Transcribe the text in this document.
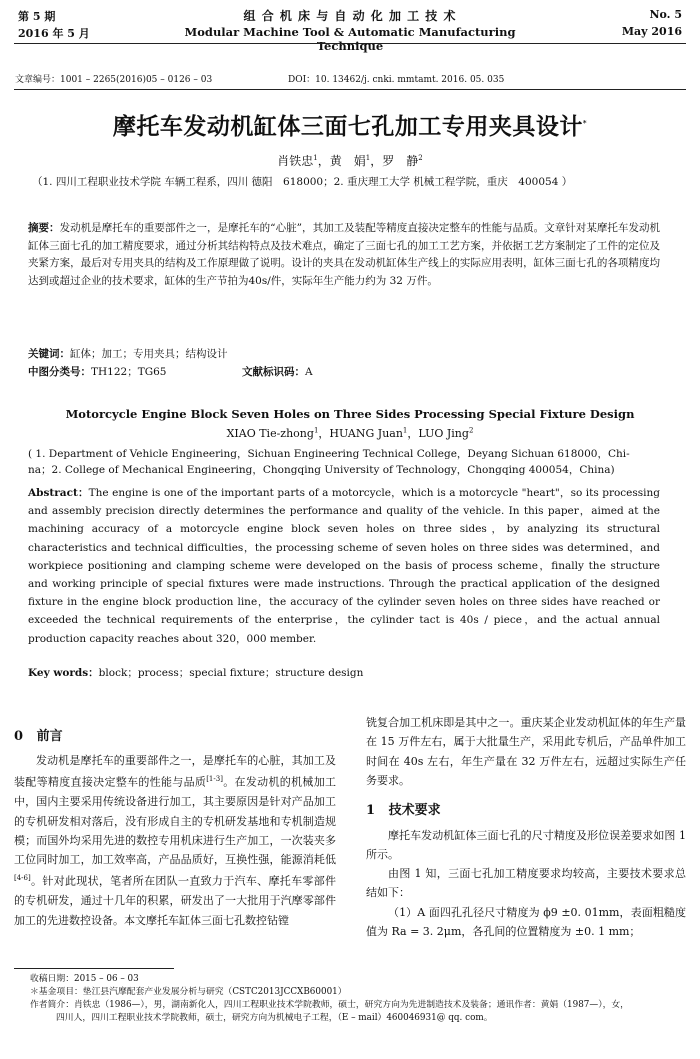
第 5 期
2016 年 5 月
组 合 机 床 与 自 动 化 加 工 技 术
Modular Machine Tool & Automatic Manufacturing Technique
No. 5
May 2016
文章编号：1001 – 2265(2016)05 – 0126 – 03	DOI：10. 13462/j. cnki. mmtamt. 2016. 05. 035
摩托车发动机缸体三面七孔加工专用夹具设计*
肖铁忠$^1$，黄　娟$^1$，罗　静$^2$
（1. 四川工程职业技术学院 车辆工程系，四川 德阳　618000；2. 重庆理工大学 机械工程学院，重庆　400054 ）
摘要：发动机是摩托车的重要部件之一，是摩托车的“心脏”，其加工及装配等精度直接决定整车的性能与品质。文章针对某摩托车发动机缸体三面七孔的加工精度要求，通过分析其结构特点及技术难点，确定了三面七孔的加工工艺方案，并依据工艺方案制定了工件的定位及夹紧方案，最后对专用夹具的结构及工作原理做了说明。设计的夹具在发动机缸体生产线上的实际应用表明，缸体三面七孔的各项精度均达到或超过企业的技术要求，缸体的生产节拍为40s/件，实际年生产能力约为 32 万件。
关键词：缸体；加工；专用夹具；结构设计
中图分类号：TH122；TG65	文献标识码：A
Motorcycle Engine Block Seven Holes on Three Sides Processing Special Fixture Design
XIAO Tie-zhong$^1$，HUANG Juan$^1$，LUO Jing$^2$
( 1. Department of Vehicle Engineering，Sichuan Engineering Technical College，Deyang Sichuan 618000，Chi-
na；2. College of Mechanical Engineering，Chongqing University of Technology，Chongqing 400054，China)
Abstract：The engine is one of the important parts of a motorcycle，which is a motorcycle "heart"，so its processing and assembly precision directly determines the performance and quality of the vehicle. In this paper，aimed at the machining accuracy of a motorcycle engine block seven holes on three sides，by analyzing its structural characteristics and technical difficulties，the processing scheme of seven holes on three sides was determined，and workpiece positioning and clamping scheme were developed on the basis of process scheme，finally the structure and working principle of special fixtures were made instructions. Through the practical application of the designed fixture in the engine block production line，the accuracy of the cylinder seven holes on three sides have reached or exceeded the technical requirements of the enterprise，the cylinder tact is 40s / piece，and the actual annual production capacity reaches about 320，000 member.
Key words：block；process；special fixture；structure design
0 前言
发动机是摩托车的重要部件之一，是摩托车的心脏，其加工及装配等精度直接决定整车的性能与品质[1-3]。在发动机的机械加工中，国内主要采用传统设备进行加工，其主要原因是针对产品加工的专机研发相对落后，没有形成自主的专机研发基地和专机制造规模；而国外均采用先进的数控专用机床进行生产加工，一次装夹多工位同时加工，加工效率高，产品品质好，互换性强，能源消耗低[4-6]。针对此现状，笔者所在团队一直致力于汽车、摩托车零部件的专机研发，通过十几年的积累，研发出了一大批用于汽摩零部件加工的先进数控设备。本文摩托车缸体三面七孔数控钻镗
铣复合加工机床即是其中之一。重庆某企业发动机缸体的年生产量在 15 万件左右，属于大批量生产，采用此专机后，产品单件加工时间在 40s 左右，年生产量在 32 万件左右，远超过实际生产任务要求。
1 技术要求
摩托车发动机缸体三面七孔的尺寸精度及形位误差要求如图 1 所示。
由图 1 知，三面七孔加工精度要求均较高，主要技术要求总结如下：
（1）A 面四孔孔径尺寸精度为 ϕ9 ±0. 01mm，表面粗糙度值为 Ra = 3. 2μm，各孔间的位置精度为 ±0. 1 mm；
收稿日期：2015 – 06 – 03
＊基金项目：垫江县汽摩配套产业发展分析与研究（CSTC2013JCCXB60001）
作者简介：肖铁忠（1986—），男，湖南新化人，四川工程职业技术学院教师，硕士，研究方向为先进制造技术及装备；通讯作者：黄娟（1987—），女，
四川人，四川工程职业技术学院教师，硕士，研究方向为机械电子工程，（E – mail）460046931@ qq. com。
